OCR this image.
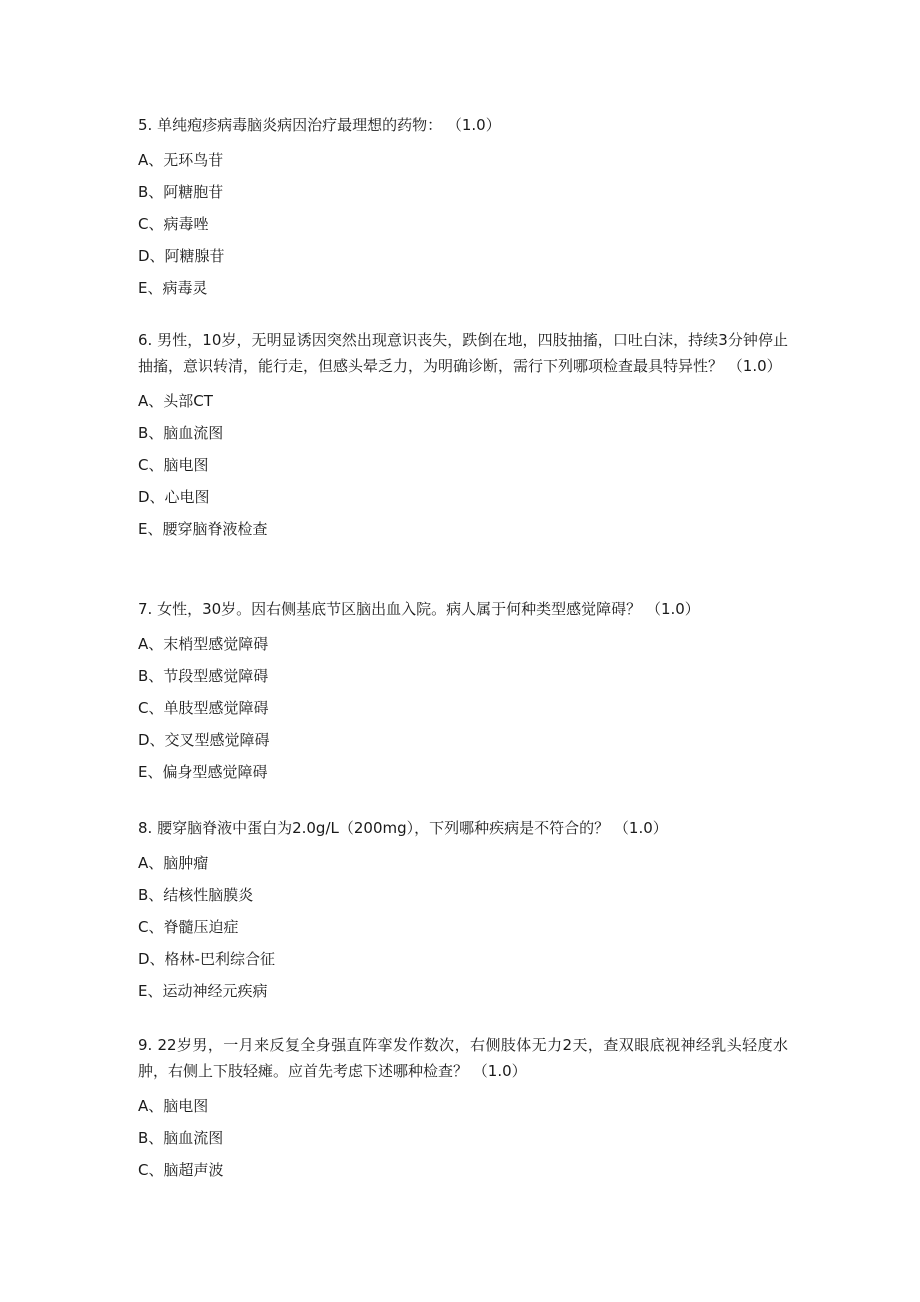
5. 单纯疱疹病毒脑炎病因治疗最理想的药物： （1.0）

A、无环鸟苷

B、阿糖胞苷

C、病毒唑

D、阿糖腺苷

E、病毒灵

6. 男性，10岁，无明显诱因突然出现意识丧失，跌倒在地，四肢抽搐，口吐白沫，持续3分钟停止抽搐，意识转清，能行走，但感头晕乏力，为明确诊断，需行下列哪项检查最具特异性？ （1.0）

A、头部CT

B、脑血流图

C、脑电图

D、心电图

E、腰穿脑脊液检查

7. 女性，30岁。因右侧基底节区脑出血入院。病人属于何种类型感觉障碍？ （1.0）

A、末梢型感觉障碍

B、节段型感觉障碍

C、单肢型感觉障碍

D、交叉型感觉障碍

E、偏身型感觉障碍

8. 腰穿脑脊液中蛋白为2.0g/L（200mg），下列哪种疾病是不符合的？ （1.0）

A、脑肿瘤

B、结核性脑膜炎

C、脊髓压迫症

D、格林-巴利综合征

E、运动神经元疾病

9. 22岁男，一月来反复全身强直阵挛发作数次，右侧肢体无力2天，查双眼底视神经乳头轻度水肿，右侧上下肢轻瘫。应首先考虑下述哪种检查？ （1.0）

A、脑电图

B、脑血流图

C、脑超声波
